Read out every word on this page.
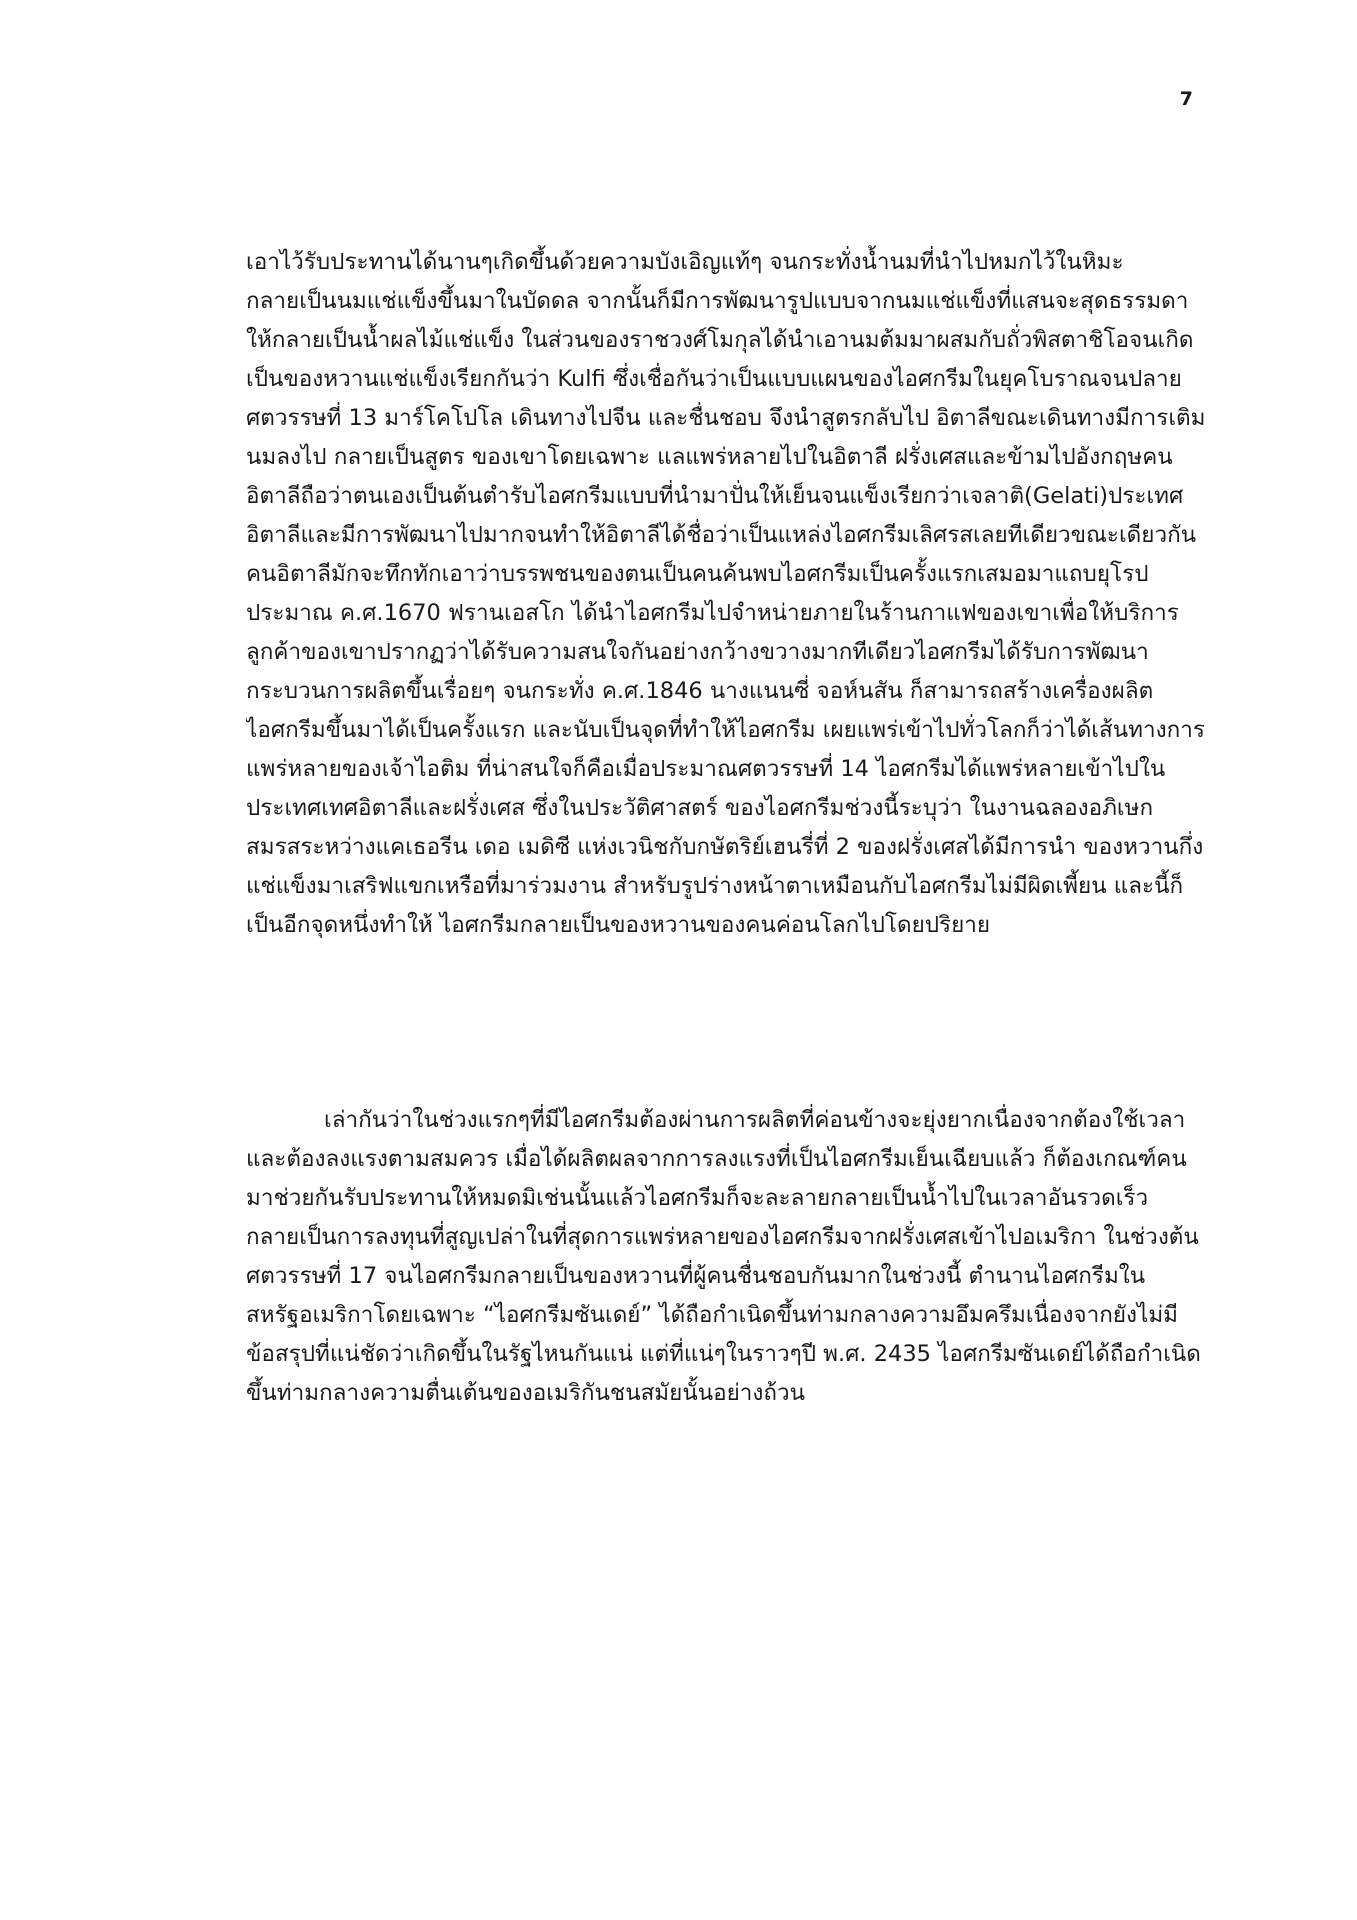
7
เอาไว้รับประทานได้นานๆเกิดขึ้นด้วยความบังเอิญแท้ๆ จนกระทั่งน้ำนมที่นำไปหมกไว้ในหิมะ
กลายเป็นนมแช่แข็งขึ้นมาในบัดดล จากนั้นก็มีการพัฒนารูปแบบจากนมแช่แข็งที่แสนจะสุดธรรมดา
ให้กลายเป็นน้ำผลไม้แช่แข็ง ในส่วนของราชวงศ์โมกุลได้นำเอานมต้มมาผสมกับถั่วพิสตาชิโอจนเกิด
เป็นของหวานแช่แข็งเรียกกันว่า Kulfi ซึ่งเชื่อกันว่าเป็นแบบแผนของไอศกรีมในยุคโบราณจนปลาย
ศตวรรษที่ 13 มาร์โคโปโล เดินทางไปจีน และชื่นชอบ จึงนำสูตรกลับไป อิตาลีขณะเดินทางมีการเติม
นมลงไป กลายเป็นสูตร ของเขาโดยเฉพาะ แลแพร่หลายไปในอิตาลี ฝรั่งเศสและข้ามไปอังกฤษคน
อิตาลีถือว่าตนเองเป็นต้นตำรับไอศกรีมแบบที่นำมาปั่นให้เย็นจนแข็งเรียกว่าเจลาติ(Gelati)ประเทศ
อิตาลีและมีการพัฒนาไปมากจนทำให้อิตาลีได้ชื่อว่าเป็นแหล่งไอศกรีมเลิศรสเลยทีเดียวขณะเดียวกัน
คนอิตาลีมักจะทึกทักเอาว่าบรรพชนของตนเป็นคนค้นพบไอศกรีมเป็นครั้งแรกเสมอมาแถบยุโรป
ประมาณ ค.ศ.1670 ฟรานเอสโก ได้นำไอศกรีมไปจำหน่ายภายในร้านกาแฟของเขาเพื่อให้บริการ
ลูกค้าของเขาปรากฏว่าได้รับความสนใจกันอย่างกว้างขวางมากทีเดียวไอศกรีมได้รับการพัฒนา
กระบวนการผลิตขึ้นเรื่อยๆ จนกระทั่ง ค.ศ.1846 นางแนนซี่ จอห์นสัน ก็สามารถสร้างเครื่องผลิต
ไอศกรีมขึ้นมาได้เป็นครั้งแรก และนับเป็นจุดที่ทำให้ไอศกรีม เผยแพร่เข้าไปทั่วโลกก็ว่าได้เส้นทางการ
แพร่หลายของเจ้าไอติม ที่น่าสนใจก็คือเมื่อประมาณศตวรรษที่ 14 ไอศกรีมได้แพร่หลายเข้าไปใน
ประเทศเทศอิตาลีและฝรั่งเศส ซึ่งในประวัติศาสตร์ ของไอศกรีมช่วงนี้ระบุว่า ในงานฉลองอภิเษก
สมรสระหว่างแคเธอรีน เดอ เมดิซี แห่งเวนิชกับกษัตริย์เฮนรี่ที่ 2 ของฝรั่งเศสได้มีการนำ ของหวานกึ่ง
แช่แข็งมาเสริฟแขกเหรือที่มาร่วมงาน สำหรับรูปร่างหน้าตาเหมือนกับไอศกรีมไม่มีผิดเพี้ยน และนี้ก็
เป็นอีกจุดหนึ่งทำให้ ไอศกรีมกลายเป็นของหวานของคนค่อนโลกไปโดยปริยาย
เล่ากันว่าในช่วงแรกๆที่มีไอศกรีมต้องผ่านการผลิตที่ค่อนข้างจะยุ่งยากเนื่องจากต้องใช้เวลา
และต้องลงแรงตามสมควร เมื่อได้ผลิตผลจากการลงแรงที่เป็นไอศกรีมเย็นเฉียบแล้ว ก็ต้องเกณฑ์คน
มาช่วยกันรับประทานให้หมดมิเช่นนั้นแล้วไอศกรีมก็จะละลายกลายเป็นน้ำไปในเวลาอันรวดเร็ว
กลายเป็นการลงทุนที่สูญเปล่าในที่สุดการแพร่หลายของไอศกรีมจากฝรั่งเศสเข้าไปอเมริกา ในช่วงต้น
ศตวรรษที่ 17 จนไอศกรีมกลายเป็นของหวานที่ผู้คนชื่นชอบกันมากในช่วงนี้ ตำนานไอศกรีมใน
สหรัฐอเมริกาโดยเฉพาะ “ไอศกรีมซันเดย์” ได้ถือกำเนิดขึ้นท่ามกลางความอึมครึมเนื่องจากยังไม่มี
ข้อสรุปที่แน่ชัดว่าเกิดขึ้นในรัฐไหนกันแน่ แต่ที่แน่ๆในราวๆปี พ.ศ. 2435 ไอศกรีมซันเดย์ได้ถือกำเนิด
ขึ้นท่ามกลางความตื่นเต้นของอเมริกันชนสมัยนั้นอย่างถ้วน
